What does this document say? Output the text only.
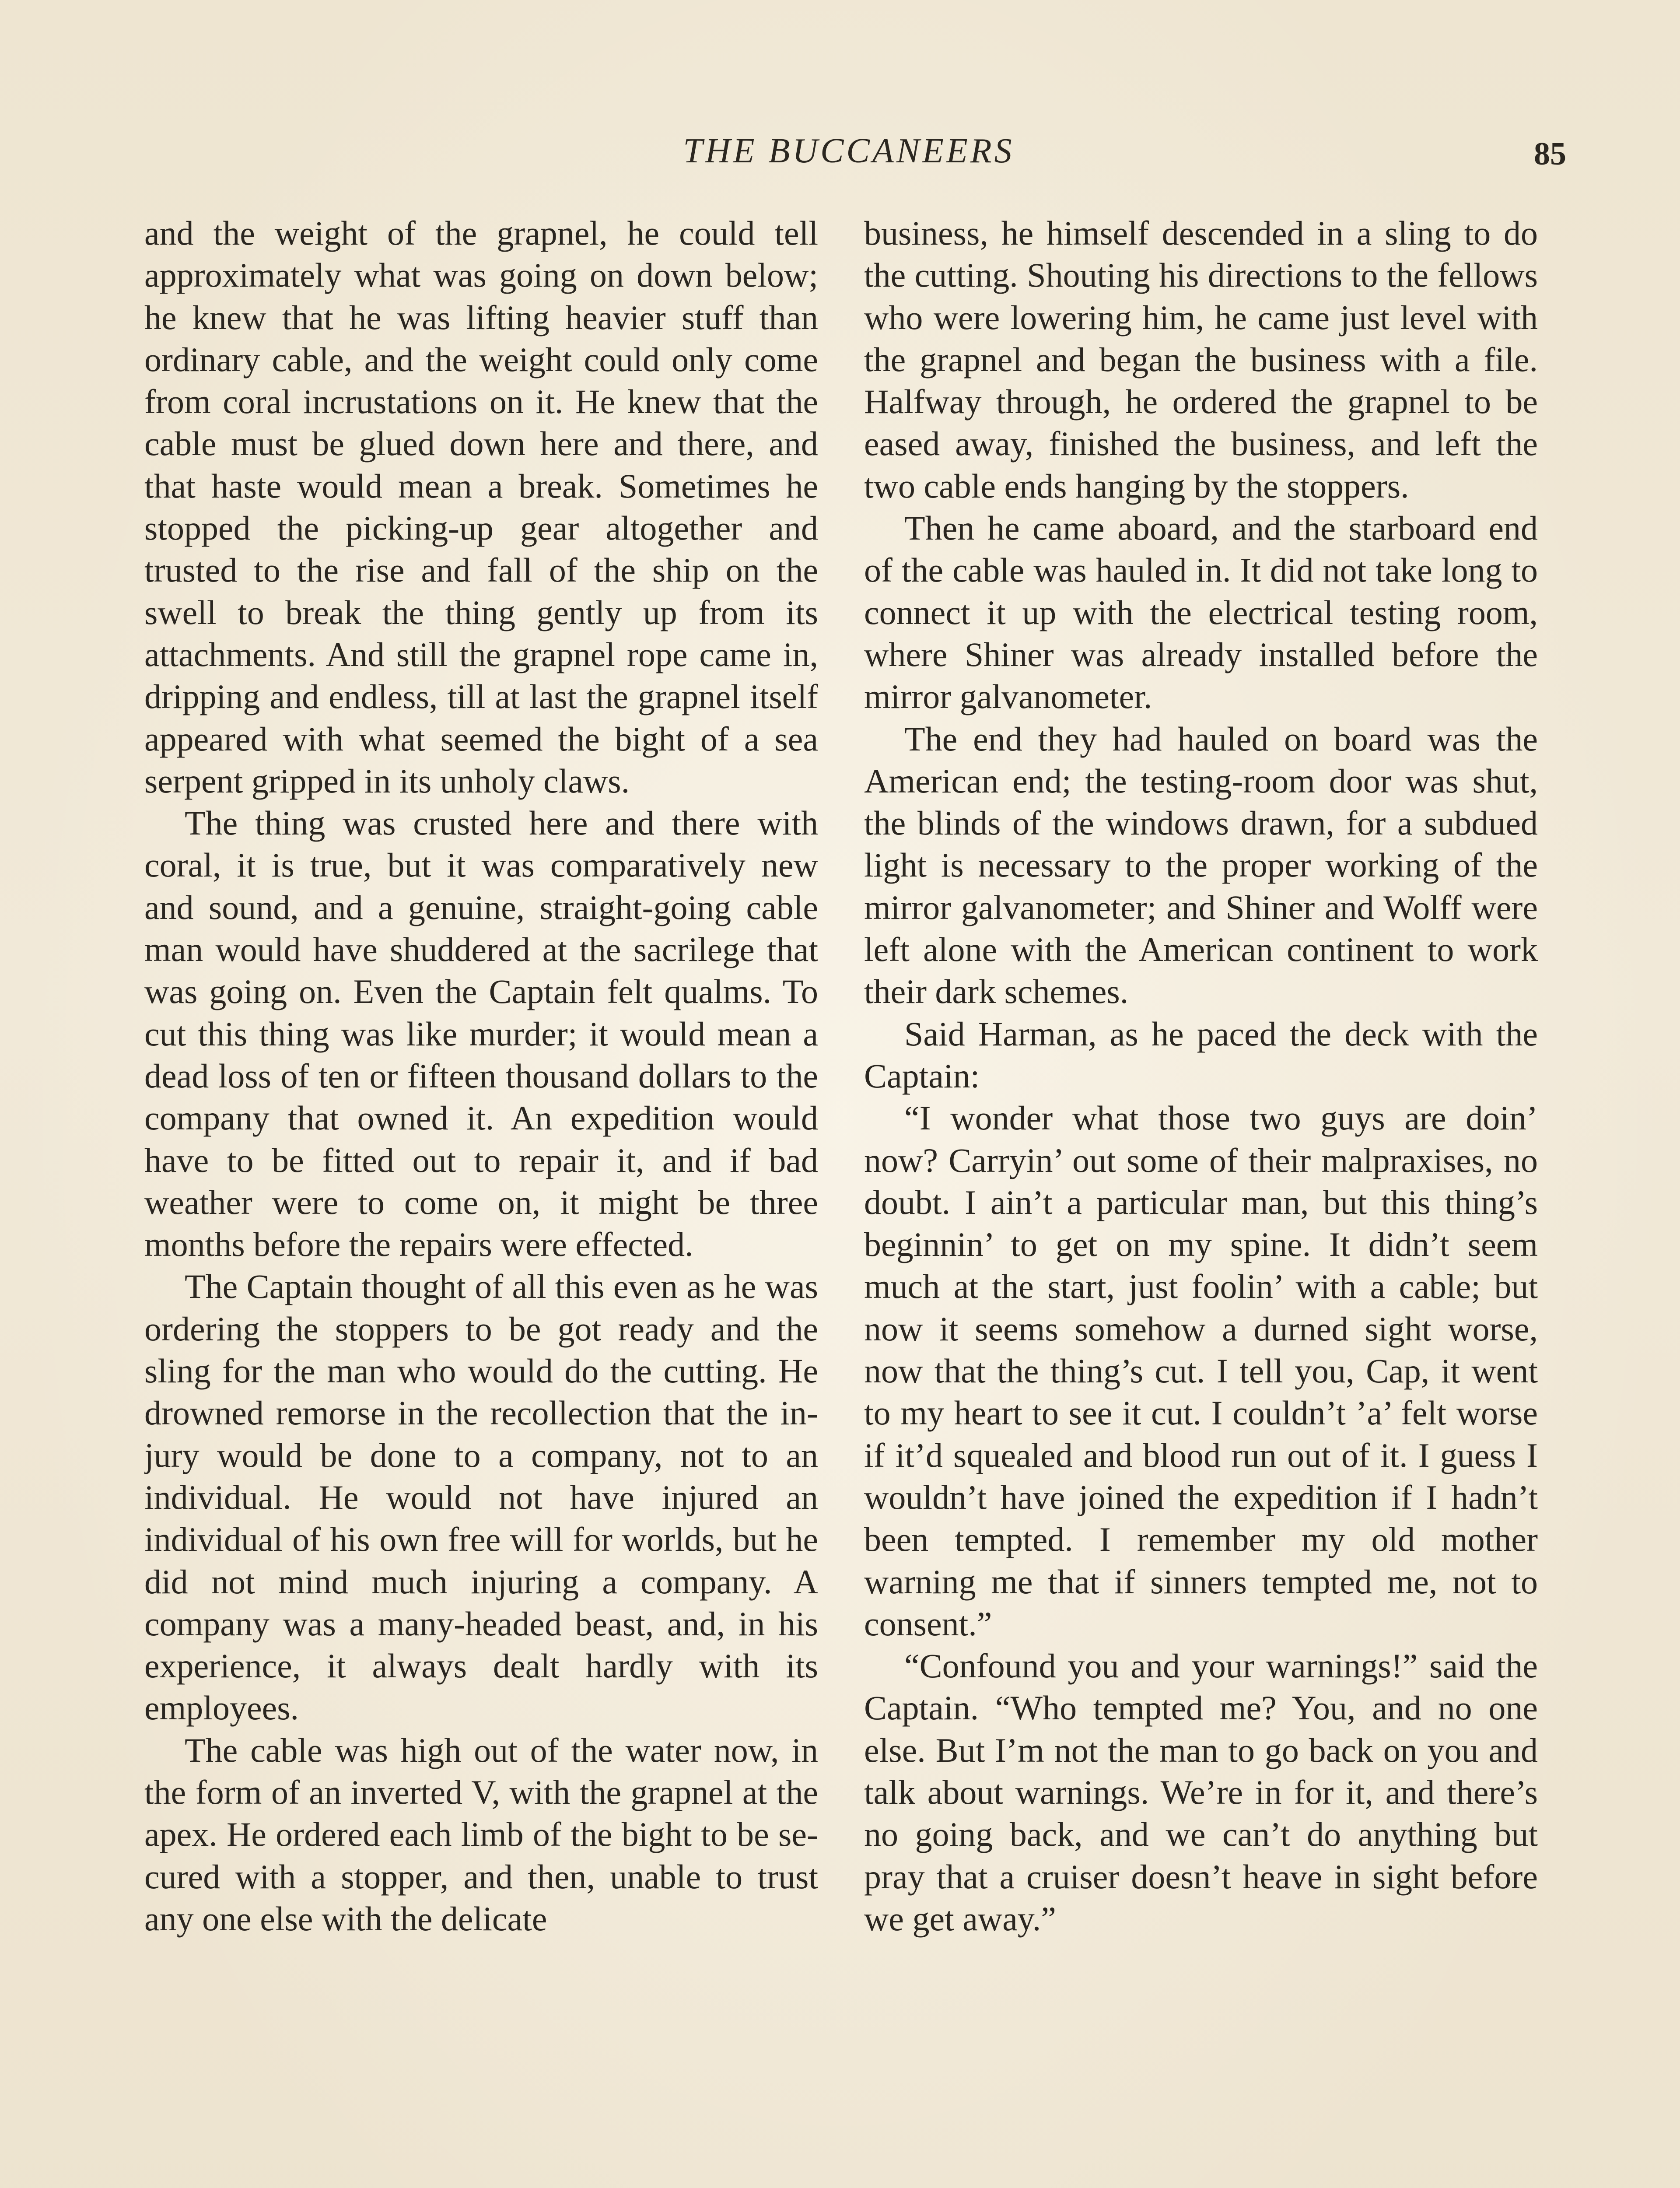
THE BUCCANEERS	85

and the weight of the grapnel, he could tell approximately what was going on down below; he knew that he was lifting heavier stuff than ordinary cable, and the weight could only come from coral incrustations on it. He knew that the cable must be glued down here and there, and that haste would mean a break. Sometimes he stopped the picking-up gear altogether and trusted to the rise and fall of the ship on the swell to break the thing gently up from its attachments. And still the grapnel rope came in, dripping and endless, till at last the grapnel itself appeared with what seemed the bight of a sea serpent gripped in its unholy claws.

The thing was crusted here and there with coral, it is true, but it was comparatively new and sound, and a genuine, straight-going cable man would have shuddered at the sacrilege that was going on. Even the Captain felt qualms. To cut this thing was like murder; it would mean a dead loss of ten or fifteen thousand dollars to the company that owned it. An expedition would have to be fitted out to repair it, and if bad weather were to come on, it might be three months before the repairs were effected.

The Captain thought of all this even as he was ordering the stoppers to be got ready and the sling for the man who would do the cutting. He drowned remorse in the recollection that the injury would be done to a company, not to an individual. He would not have injured an individual of his own free will for worlds, but he did not mind much injuring a company. A company was a many-headed beast, and, in his experience, it always dealt hardly with its employees.

The cable was high out of the water now, in the form of an inverted V, with the grapnel at the apex. He ordered each limb of the bight to be secured with a stopper, and then, unable to trust any one else with the delicate

business, he himself descended in a sling to do the cutting. Shouting his directions to the fellows who were lowering him, he came just level with the grapnel and began the business with a file. Halfway through, he ordered the grapnel to be eased away, finished the business, and left the two cable ends hanging by the stoppers.

Then he came aboard, and the starboard end of the cable was hauled in. It did not take long to connect it up with the electrical testing room, where Shiner was already installed before the mirror galvanometer.

The end they had hauled on board was the American end; the testing-room door was shut, the blinds of the windows drawn, for a subdued light is necessary to the proper working of the mirror galvanometer; and Shiner and Wolff were left alone with the American continent to work their dark schemes.

Said Harman, as he paced the deck with the Captain:

“I wonder what those two guys are doin’ now? Carryin’ out some of their malpraxises, no doubt. I ain’t a particular man, but this thing’s beginnin’ to get on my spine. It didn’t seem much at the start, just foolin’ with a cable; but now it seems somehow a durned sight worse, now that the thing’s cut. I tell you, Cap, it went to my heart to see it cut. I couldn’t ’a’ felt worse if it’d squealed and blood run out of it. I guess I wouldn’t have joined the expedition if I hadn’t been tempted. I remember my old mother warning me that if sinners tempted me, not to consent.”

“Confound you and your warnings!” said the Captain. “Who tempted me? You, and no one else. But I’m not the man to go back on you and talk about warnings. We’re in for it, and there’s no going back, and we can’t do anything but pray that a cruiser doesn’t heave in sight before we get away.”
